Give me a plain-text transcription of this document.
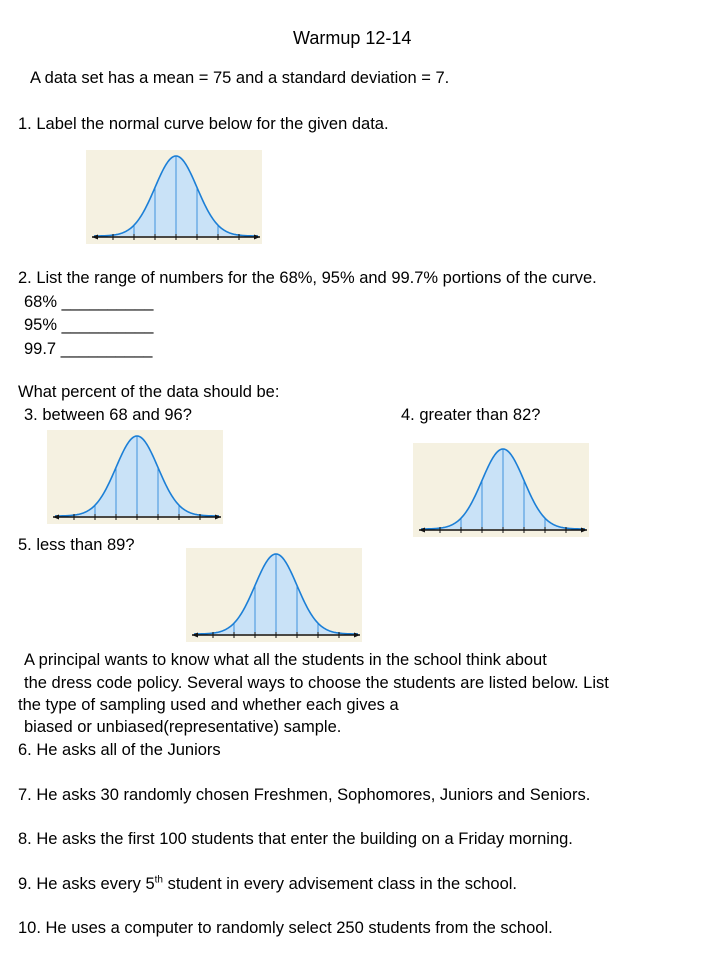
Warmup 12-14
A data set has a mean = 75 and a standard deviation = 7.
1. Label the normal curve below for the given data.
2. List the range of numbers for the 68%, 95% and 99.7% portions of the curve.
68% __________
95% __________
99.7 __________
What percent of the data should be:
3. between 68 and 96?	4. greater than 82?
5. less than 89?
A principal wants to know what all the students in the school think about
the dress code policy. Several ways to choose the students are listed below. List
the type of sampling used and whether each gives a
biased or unbiased(representative) sample.
6. He asks all of the Juniors
7. He asks 30 randomly chosen Freshmen, Sophomores, Juniors and Seniors.
8. He asks the first 100 students that enter the building on a Friday morning.
9. He asks every 5th student in every advisement class in the school.
10. He uses a computer to randomly select 250 students from the school.
